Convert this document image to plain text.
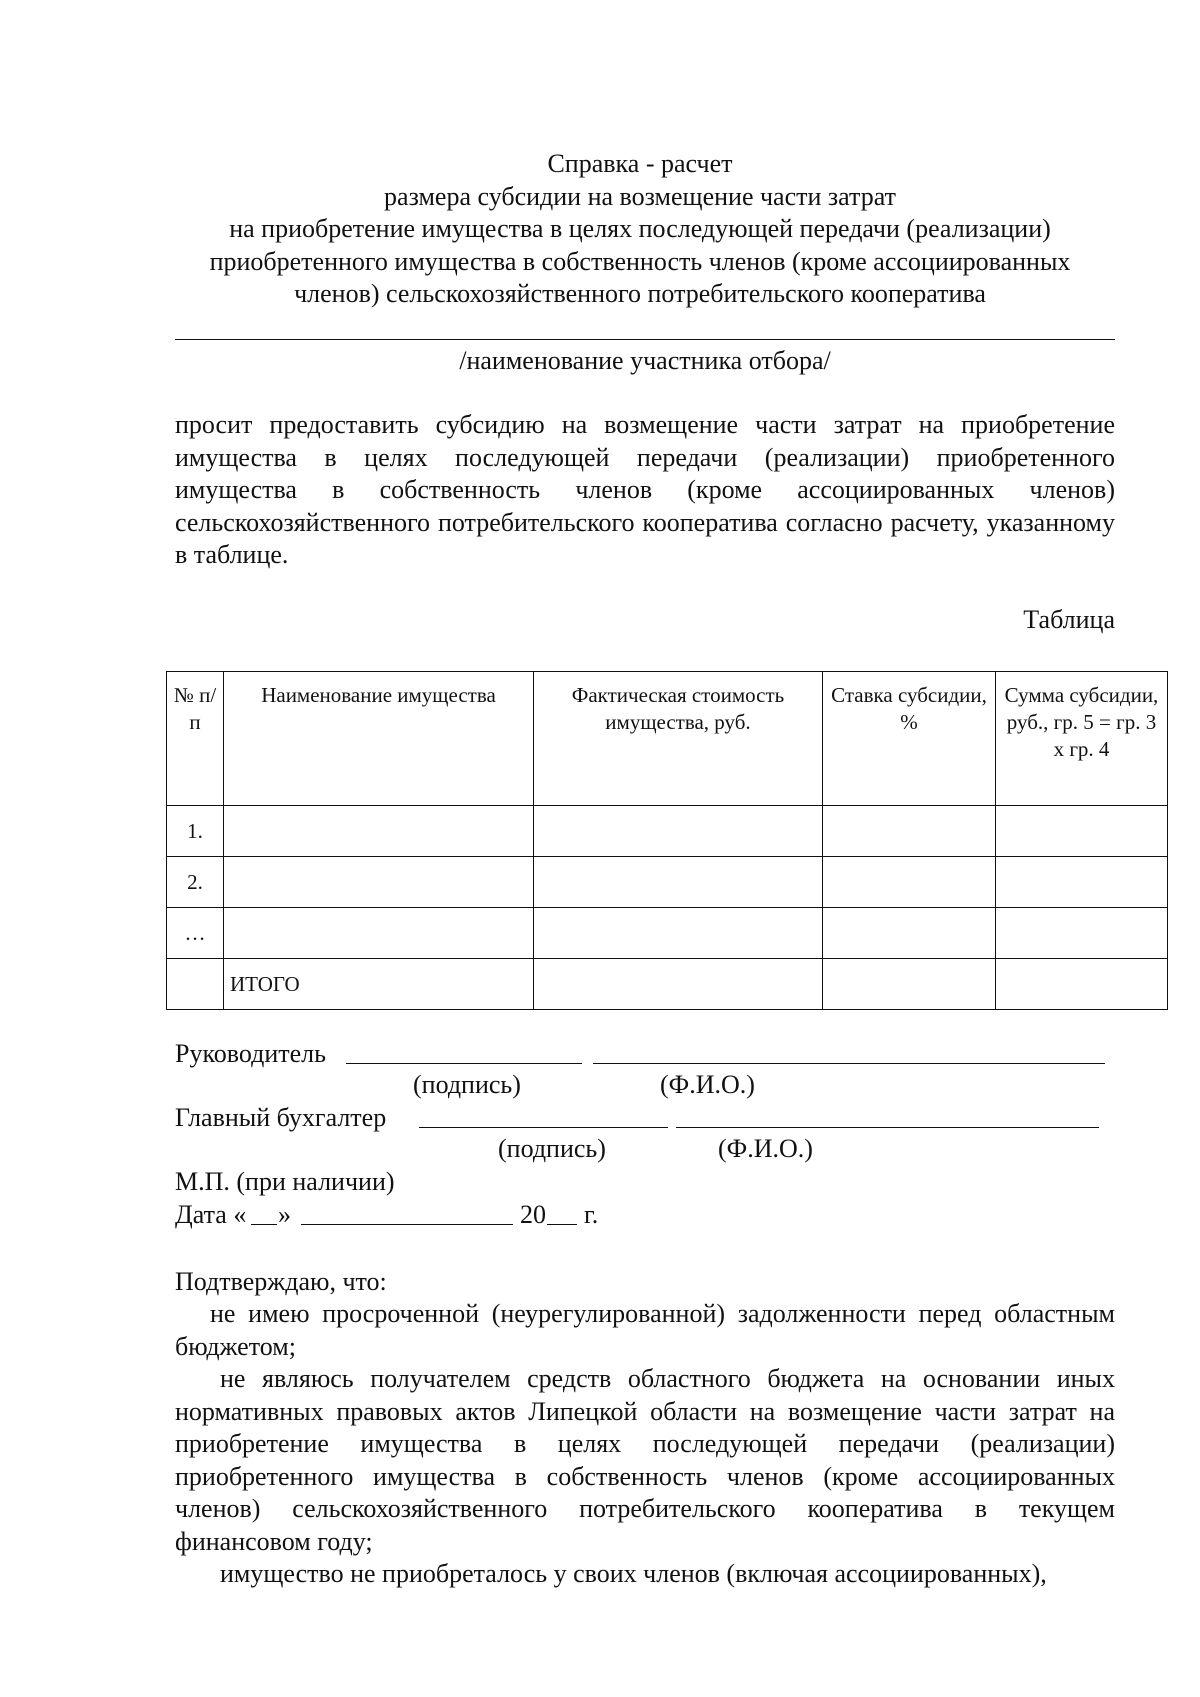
Справка - расчет
размера субсидии на возмещение части затрат
на приобретение имущества в целях последующей передачи (реализации)
приобретенного имущества в собственность членов (кроме ассоциированных
членов) сельскохозяйственного потребительского кооператива
/наименование участника отбора/
просит предоставить субсидию на возмещение части затрат на приобретение имущества в целях последующей передачи (реализации) приобретенного имущества в собственность членов (кроме ассоциированных членов) сельскохозяйственного потребительского кооператива согласно расчету, указанному в таблице.
Таблица
№ п/п	Наименование имущества	Фактическая стоимость имущества, руб.	Ставка субсидии, %	Сумма субсидии, руб., гр. 5 = гр. 3 х гр. 4
1.				
2.				
…				
	ИТОГО			
Руководитель
(подпись)	(Ф.И.О.)
Главный бухгалтер
(подпись)	(Ф.И.О.)
М.П. (при наличии)
Дата « »	20 г.
Подтверждаю, что:
не имею просроченной (неурегулированной) задолженности перед областным бюджетом;
не являюсь получателем средств областного бюджета на основании иных нормативных правовых актов Липецкой области на возмещение части затрат на приобретение имущества в целях последующей передачи (реализации) приобретенного имущества в собственность членов (кроме ассоциированных членов) сельскохозяйственного потребительского кооператива в текущем финансовом году;
имущество не приобреталось у своих членов (включая ассоциированных),
